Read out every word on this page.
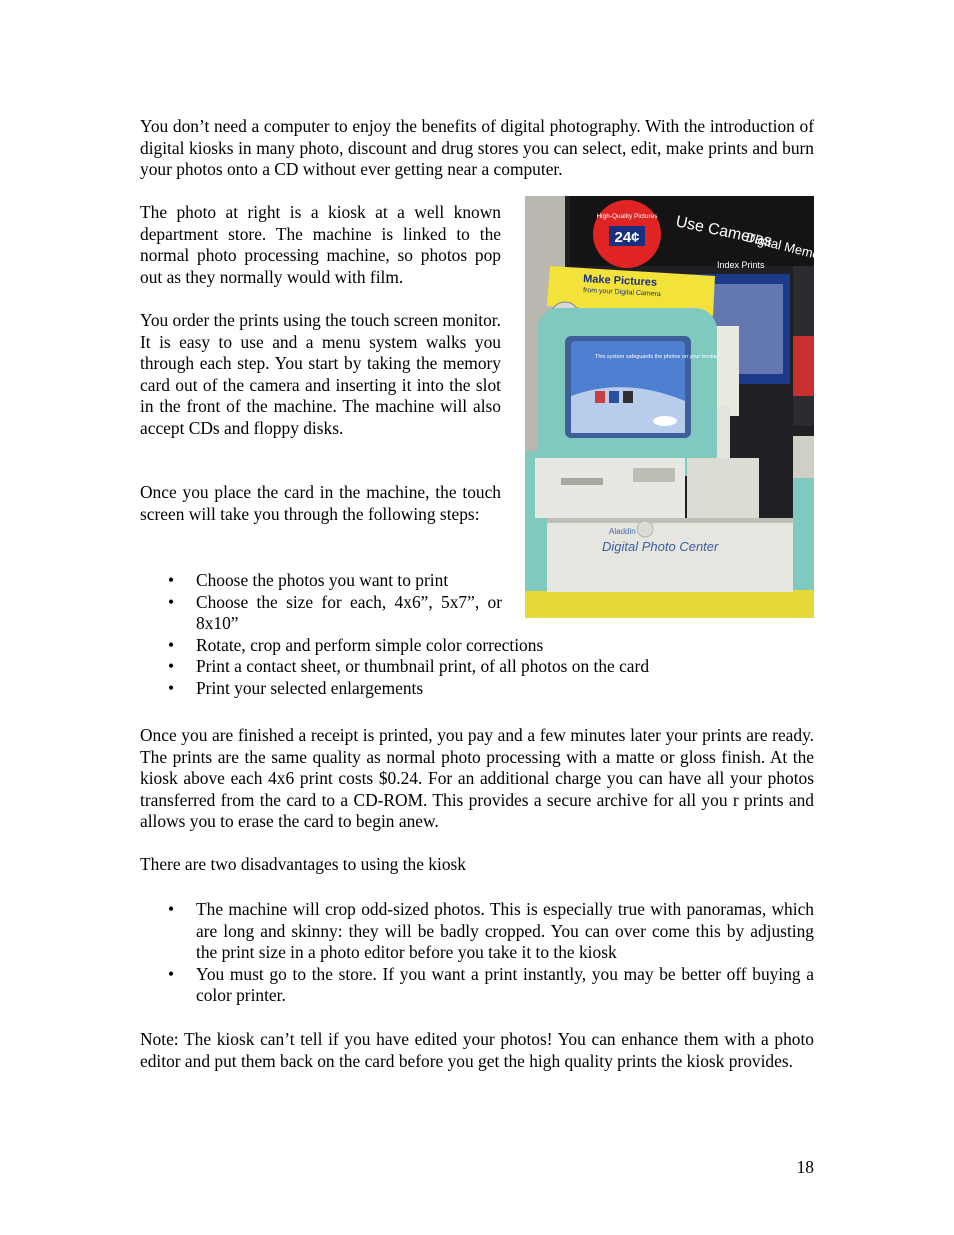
You don’t need a computer to enjoy the benefits of digital photography. With the introduction of digital kiosks in many photo, discount and drug stores you can select, edit, make prints and burn your photos onto a CD without ever getting near a computer.

The photo at right is a kiosk at a well known department store. The machine is linked to the normal photo processing machine, so photos pop out as they normally would with film.

You order the prints using the touch screen monitor. It is easy to use and a menu system walks you through each step. You start by taking the memory card out of the camera and inserting it into the slot in the front of the machine. The machine will also accept CDs and floppy disks.

Once you place the card in the machine, the touch screen will take you through the following steps:

• Choose the photos you want to print
• Choose the size for each, 4x6”, 5x7”, or 8x10”
• Rotate, crop and perform simple color corrections
• Print a contact sheet, or thumbnail print, of all photos on the card
• Print your selected enlargements

Once you are finished a receipt is printed, you pay and a few minutes later your prints are ready. The prints are the same quality as normal photo processing with a matte or gloss finish. At the kiosk above each 4x6 print costs $0.24. For an additional charge you can have all your photos transferred from the card to a CD-ROM. This provides a secure archive for all you r prints and allows you to erase the card to begin anew.

There are two disadvantages to using the kiosk

• The machine will crop odd-sized photos. This is especially true with panoramas, which are long and skinny: they will be badly cropped. You can over come this by adjusting the print size in a photo editor before you take it to the kiosk
• You must go to the store. If you want a print instantly, you may be better off buying a color printer.

Note: The kiosk can’t tell if you have edited your photos! You can enhance them with a photo editor and put them back on the card before you get the high quality prints the kiosk provides.

Use Cameras
Digital Memory
High-Quality Pictures
24¢
Make Pictures
from your Digital Camera
Index Prints
This system safeguards the photos on your media
Aladdin
Digital Photo Center
18
